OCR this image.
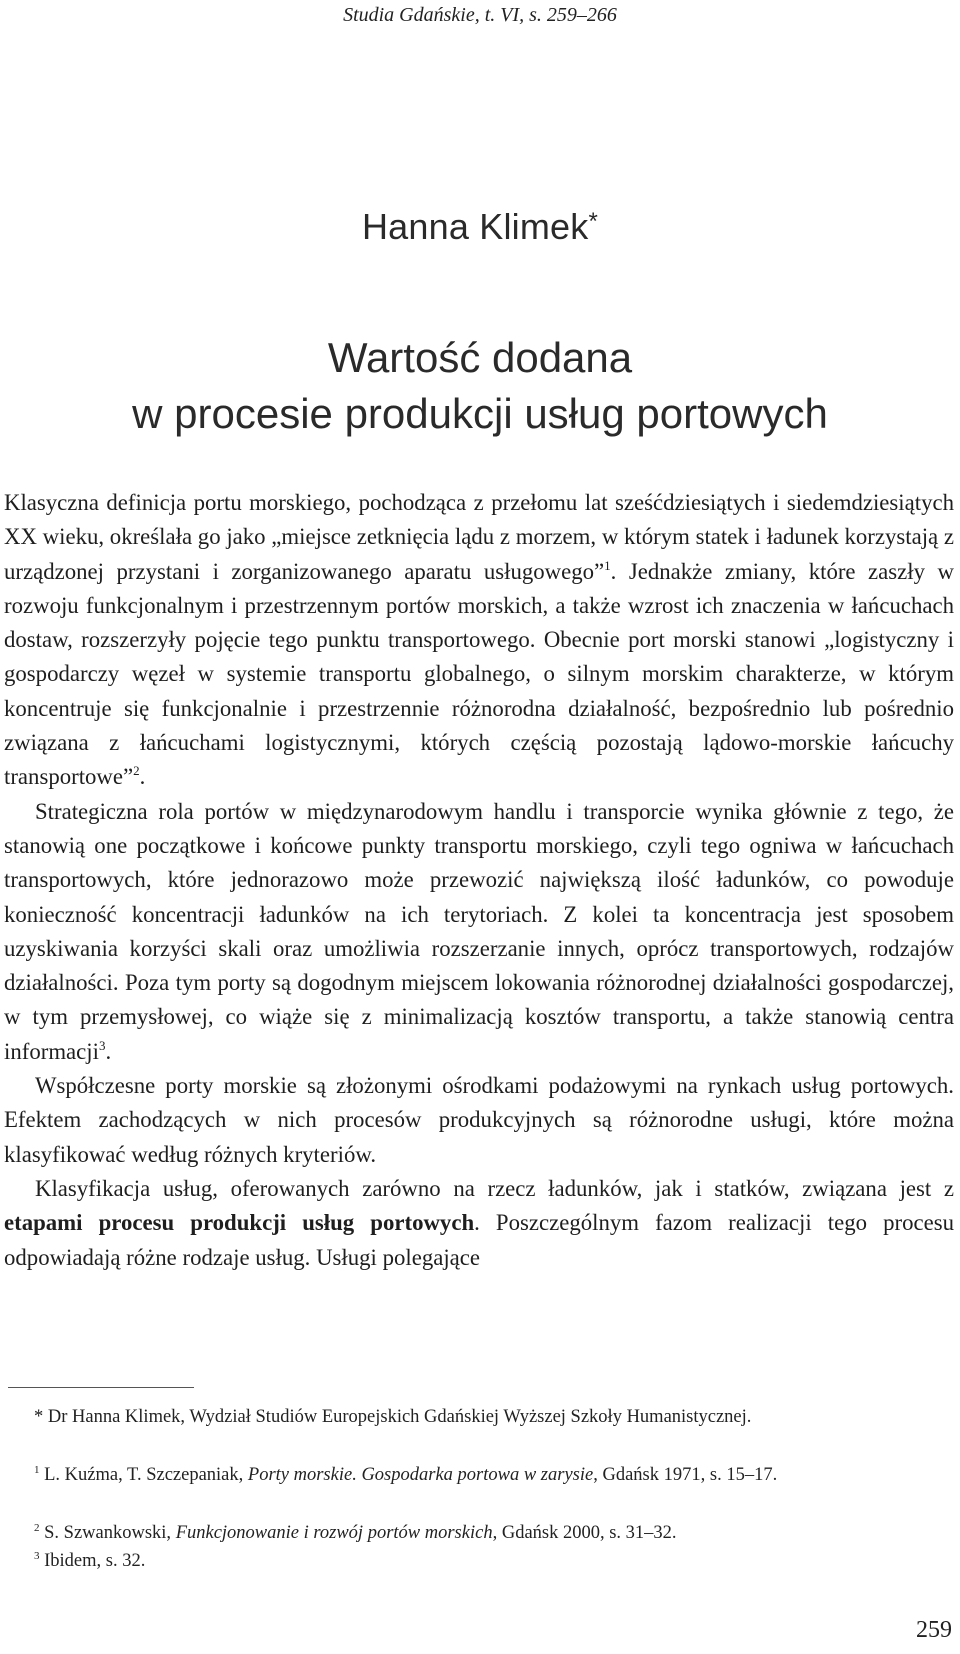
Studia Gdańskie, t. VI, s. 259–266
Hanna Klimek*
Wartość dodana
w procesie produkcji usług portowych

Klasyczna definicja portu morskiego, pochodząca z przełomu lat sześćdziesiątych i siedemdziesiątych XX wieku, określała go jako „miejsce zetknięcia lądu z morzem, w którym statek i ładunek korzystają z urządzonej przystani i zorganizowanego aparatu usługowego”$^1$. Jednakże zmiany, które zaszły w rozwoju funkcjonalnym i przestrzennym portów morskich, a także wzrost ich znaczenia w łańcuchach dostaw, rozszerzyły pojęcie tego punktu transportowego. Obecnie port morski stanowi „logistyczny i gospodarczy węzeł w systemie transportu globalnego, o silnym morskim charakterze, w którym koncentruje się funkcjonalnie i przestrzennie różnorodna działalność, bezpośrednio lub pośrednio związana z łańcuchami logistycznymi, których częścią pozostają lądowo-morskie łańcuchy transportowe”$^2$.

Strategiczna rola portów w międzynarodowym handlu i transporcie wynika głównie z tego, że stanowią one początkowe i końcowe punkty transportu morskiego, czyli tego ogniwa w łańcuchach transportowych, które jednorazowo może przewozić największą ilość ładunków, co powoduje konieczność koncentracji ładunków na ich terytoriach. Z kolei ta koncentracja jest sposobem uzyskiwania korzyści skali oraz umożliwia rozszerzanie innych, oprócz transportowych, rodzajów działalności. Poza tym porty są dogodnym miejscem lokowania różnorodnej działalności gospodarczej, w tym przemysłowej, co wiąże się z minimalizacją kosztów transportu, a także stanowią centra informacji$^3$.

Współczesne porty morskie są złożonymi ośrodkami podażowymi na rynkach usług portowych. Efektem zachodzących w nich procesów produkcyjnych są różnorodne usługi, które można klasyfikować według różnych kryteriów.

Klasyfikacja usług, oferowanych zarówno na rzecz ładunków, jak i statków, związana jest z etapami procesu produkcji usług portowych. Poszczególnym fazom realizacji tego procesu odpowiadają różne rodzaje usług. Usługi polegające

* Dr Hanna Klimek, Wydział Studiów Europejskich Gdańskiej Wyższej Szkoły Humanistycznej.

$^1$ L. Kuźma, T. Szczepaniak, Porty morskie. Gospodarka portowa w zarysie, Gdańsk 1971, s. 15–17.

$^2$ S. Szwankowski, Funkcjonowanie i rozwój portów morskich, Gdańsk 2000, s. 31–32.

$^3$ Ibidem, s. 32.

259
